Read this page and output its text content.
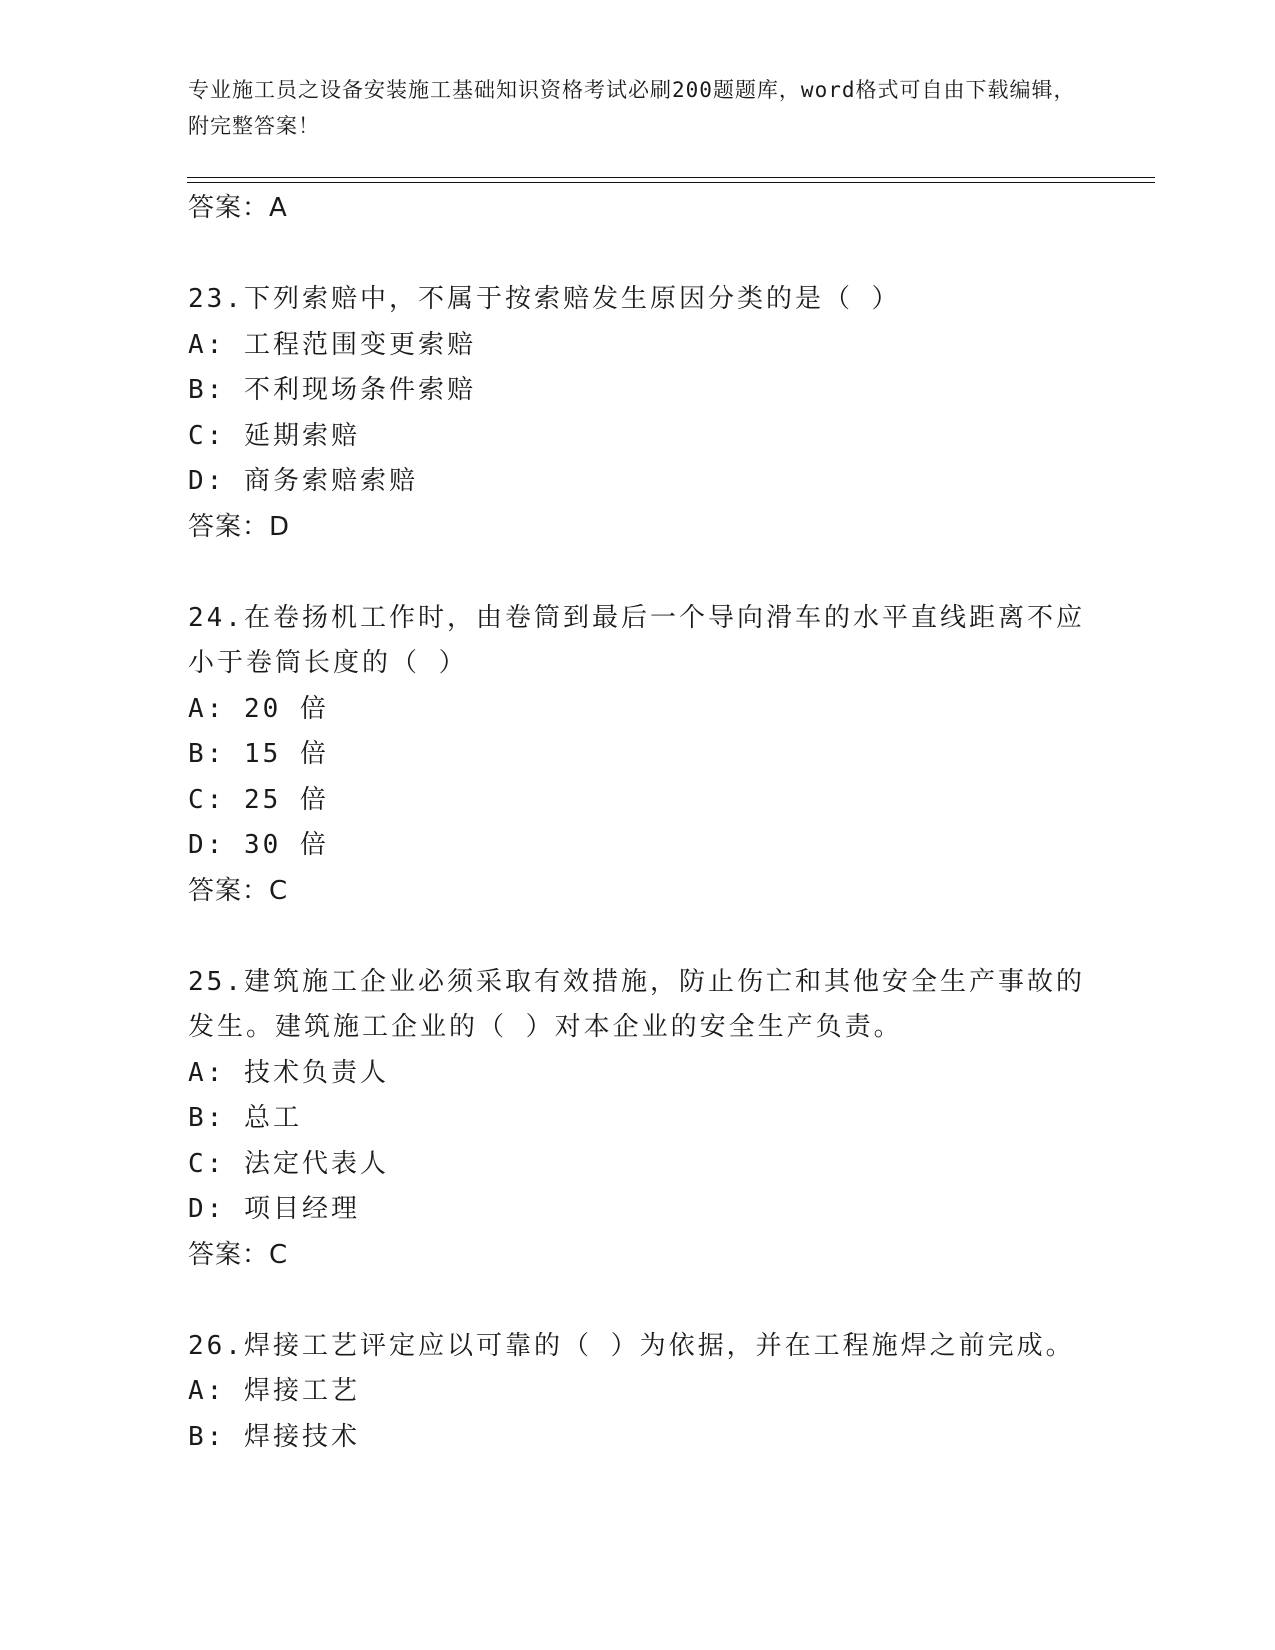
专业施工员之设备安装施工基础知识资格考试必刷200题题库，word格式可自由下载编辑，附完整答案！
答案：A
23.下列索赔中，不属于按索赔发生原因分类的是（ ）
A: 工程范围变更索赔
B: 不利现场条件索赔
C: 延期索赔
D: 商务索赔索赔
答案：D
24.在卷扬机工作时，由卷筒到最后一个导向滑车的水平直线距离不应小于卷筒长度的（ ）
A: 20 倍
B: 15 倍
C: 25 倍
D: 30 倍
答案：C
25.建筑施工企业必须采取有效措施，防止伤亡和其他安全生产事故的发生。建筑施工企业的（ ）对本企业的安全生产负责。
A: 技术负责人
B: 总工
C: 法定代表人
D: 项目经理
答案：C
26.焊接工艺评定应以可靠的（ ）为依据，并在工程施焊之前完成。
A: 焊接工艺
B: 焊接技术
